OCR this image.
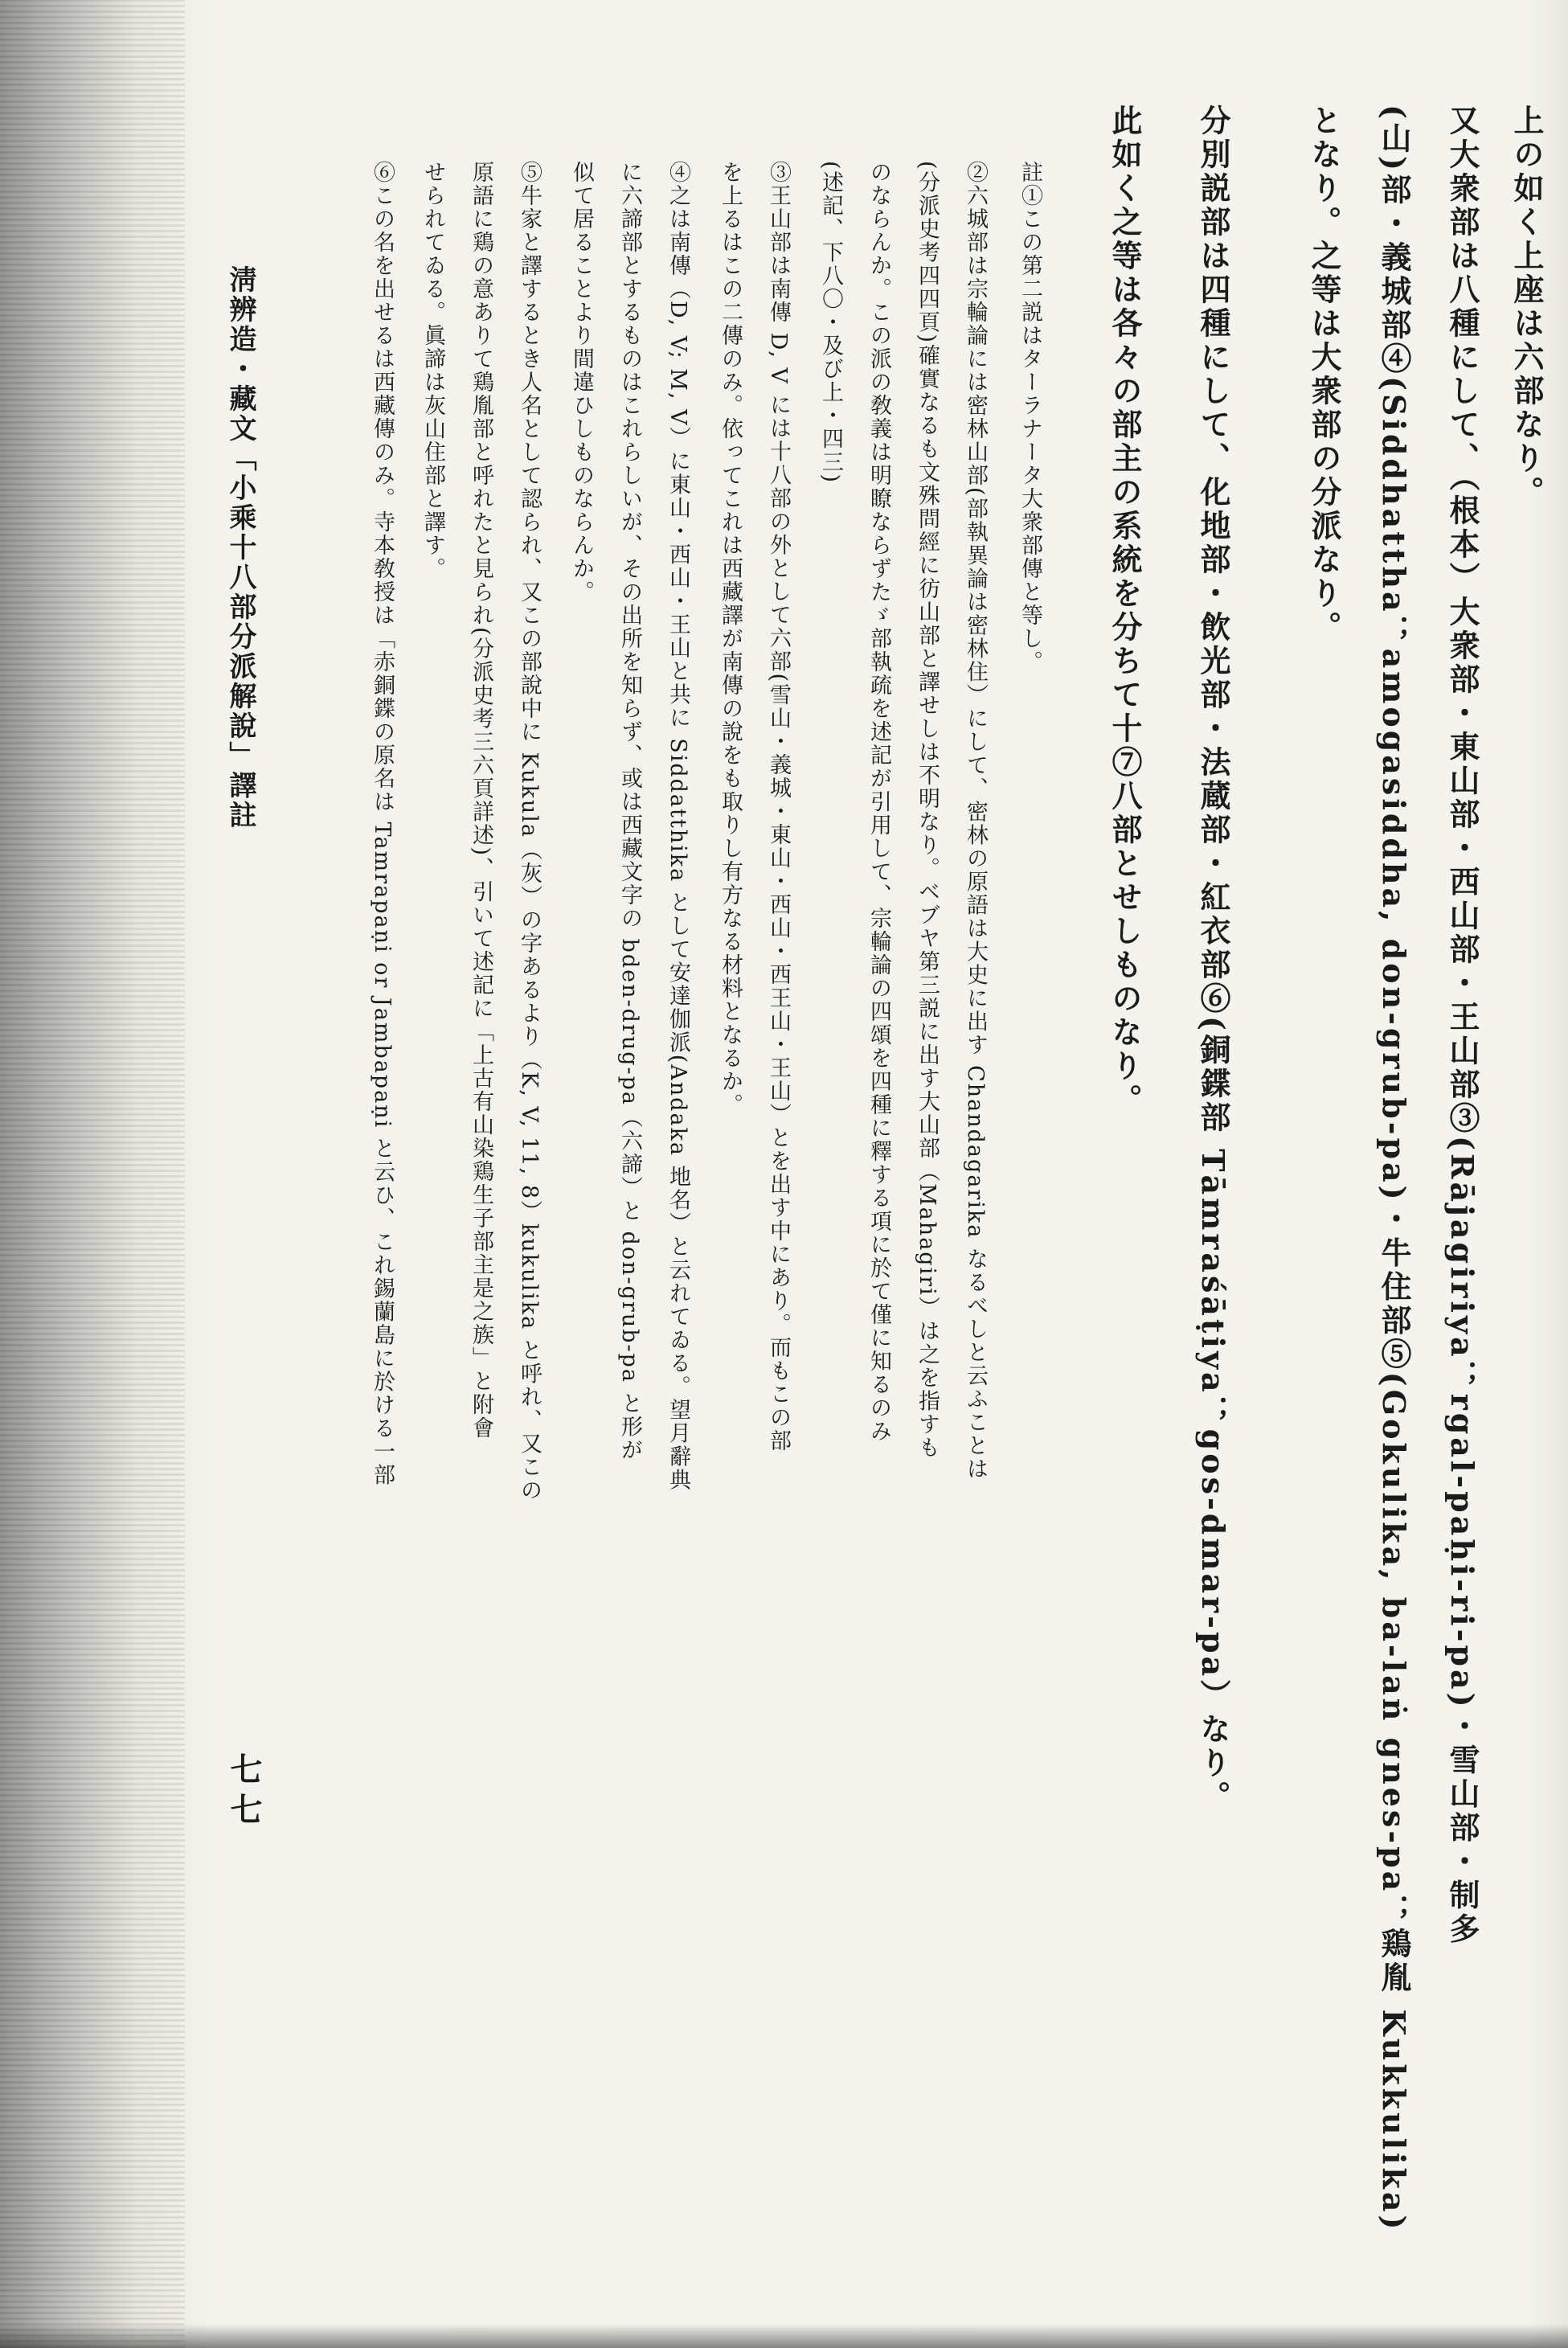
上の如く上座は六部なり。
又大衆部は八種にして、（根本）大衆部・東山部・西山部・王山部③(Rājagiriya；rgal-paḥi-ri-pa)・雪山部・制多
(山)部・義城部④(Siddhattha；amogasiddha, don-grub-pa)・牛住部⑤(Gokulika, ba-laṅ gnes-pa；鶏胤 Kukkulika)
となり。之等は大衆部の分派なり。
分別説部は四種にして、化地部・飲光部・法蔵部・紅衣部⑥(銅鍱部 Tāmraśāṭiya；gos-dmar-pa）なり。
此如く之等は各々の部主の系統を分ちて十⑦八部とせしものなり。
註①この第二説はターラナータ大衆部傳と等し。
②六城部は宗輪論には密林山部(部執異論は密林住）にして、密林の原語は大史に出す Chandagarika なるべしと云ふことは
(分派史考四四頁)確實なるも文殊問經に彷山部と譯せしは不明なり。ベブヤ第三説に出す大山部（Mahagiri）は之を指すも
のならんか。この派の敎義は明瞭ならずたゞ部執疏を述記が引用して、宗輪論の四頌を四種に釋する項に於て僅に知るのみ
(述記、下八〇・及び上・四三)
③王山部は南傳 D, V には十八部の外として六部(雪山・義城・東山・西山・西王山・王山）とを出す中にあり。而もこの部
を上るはこの二傳のみ。依ってこれは西藏譯が南傳の說をも取りし有方なる材料となるか。
④之は南傳（D, V; M, V）に東山・西山・王山と共に Siddatthika として安達伽派(Andaka 地名）と云れてゐる。望月辭典
に六諦部とするものはこれらしいが、その出所を知らず、或は西藏文字の bden-drug-pa（六諦）と don-grub-pa と形が
似て居ることより間違ひしものならんか。
⑤牛家と譯するとき人名として認られ、又この部說中に Kukula（灰）の字あるより（K, V, 11, 8）kukulika と呼れ、又この
原語に鶏の意ありて鶏胤部と呼れたと見られ(分派史考三六頁詳述)、引いて述記に「上古有山染鶏生子部主是之族」と附會
せられてゐる。眞諦は灰山住部と譯す。
⑥この名を出せるは西藏傳のみ。寺本敎授は「赤銅鍱の原名は Tamrapaṇi or Jambapaṇi と云ひ、これ錫蘭島に於ける一部
淸辨造・藏文「小乘十八部分派解說」譯註
七七
